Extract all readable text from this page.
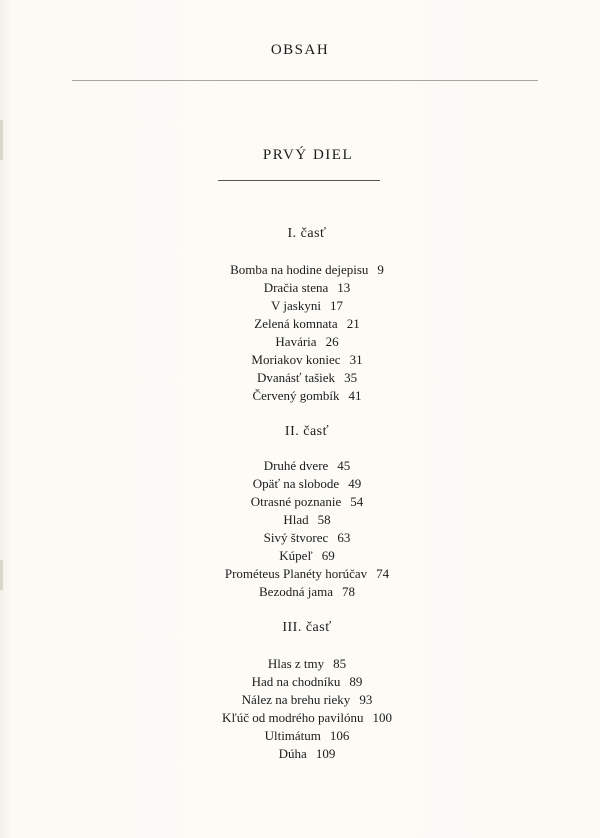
OBSAH
PRVÝ DIEL
I. časť
Bomba na hodine dejepisu 9
Dračia stena 13
V jaskyni 17
Zelená komnata 21
Havária 26
Moriakov koniec 31
Dvanásť tašiek 35
Červený gombík 41
II. časť
Druhé dvere 45
Opäť na slobode 49
Otrasné poznanie 54
Hlad 58
Sivý štvorec 63
Kúpeľ 69
Prométeus Planéty horúčav 74
Bezodná jama 78
III. časť
Hlas z tmy 85
Had na chodníku 89
Nález na brehu rieky 93
Kľúč od modrého pavilónu 100
Ultimátum 106
Dúha 109
